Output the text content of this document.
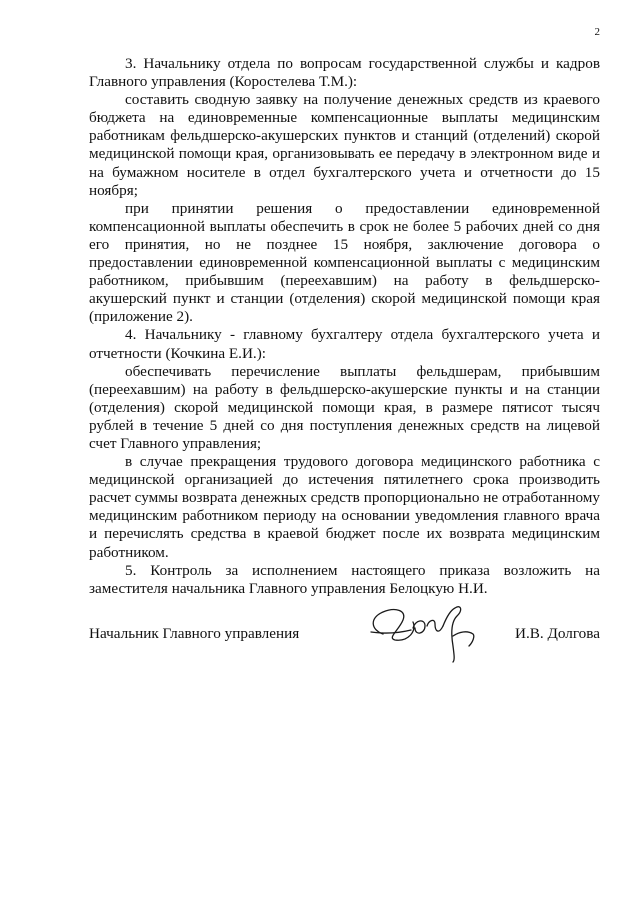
2

3. Начальнику отдела по вопросам государственной службы и кадров Главного управления (Коростелева Т.М.):

составить сводную заявку на получение денежных средств из краевого бюджета на единовременные компенсационные выплаты медицинским работникам фельдшерско-акушерских пунктов и станций (отделений) скорой медицинской помощи края, организовывать ее передачу в электронном виде и на бумажном носителе в отдел бухгалтерского учета и отчетности до 15 ноября;

при принятии решения о предоставлении единовременной компенсационной выплаты обеспечить в срок не более 5 рабочих дней со дня его принятия, но не позднее 15 ноября, заключение договора о предоставлении единовременной компенсационной выплаты с медицинским работником, прибывшим (переехавшим) на работу в фельдшерско-акушерский пункт и станции (отделения) скорой медицинской помощи края (приложение 2).

4. Начальнику - главному бухгалтеру отдела бухгалтерского учета и отчетности (Кочкина Е.И.):

обеспечивать перечисление выплаты фельдшерам, прибывшим (переехавшим) на работу в фельдшерско-акушерские пункты и на станции (отделения) скорой медицинской помощи края, в размере пятисот тысяч рублей в течение 5 дней со дня поступления денежных средств на лицевой счет Главного управления;

в случае прекращения трудового договора медицинского работника с медицинской организацией до истечения пятилетнего срока производить расчет суммы возврата денежных средств пропорционально не отработанному медицинским работником периоду на основании уведомления главного врача и перечислять средства в краевой бюджет после их возврата медицинским работником.

5. Контроль за исполнением настоящего приказа возложить на заместителя начальника Главного управления Белоцкую Н.И.

Начальник Главного управления	И.В. Долгова
